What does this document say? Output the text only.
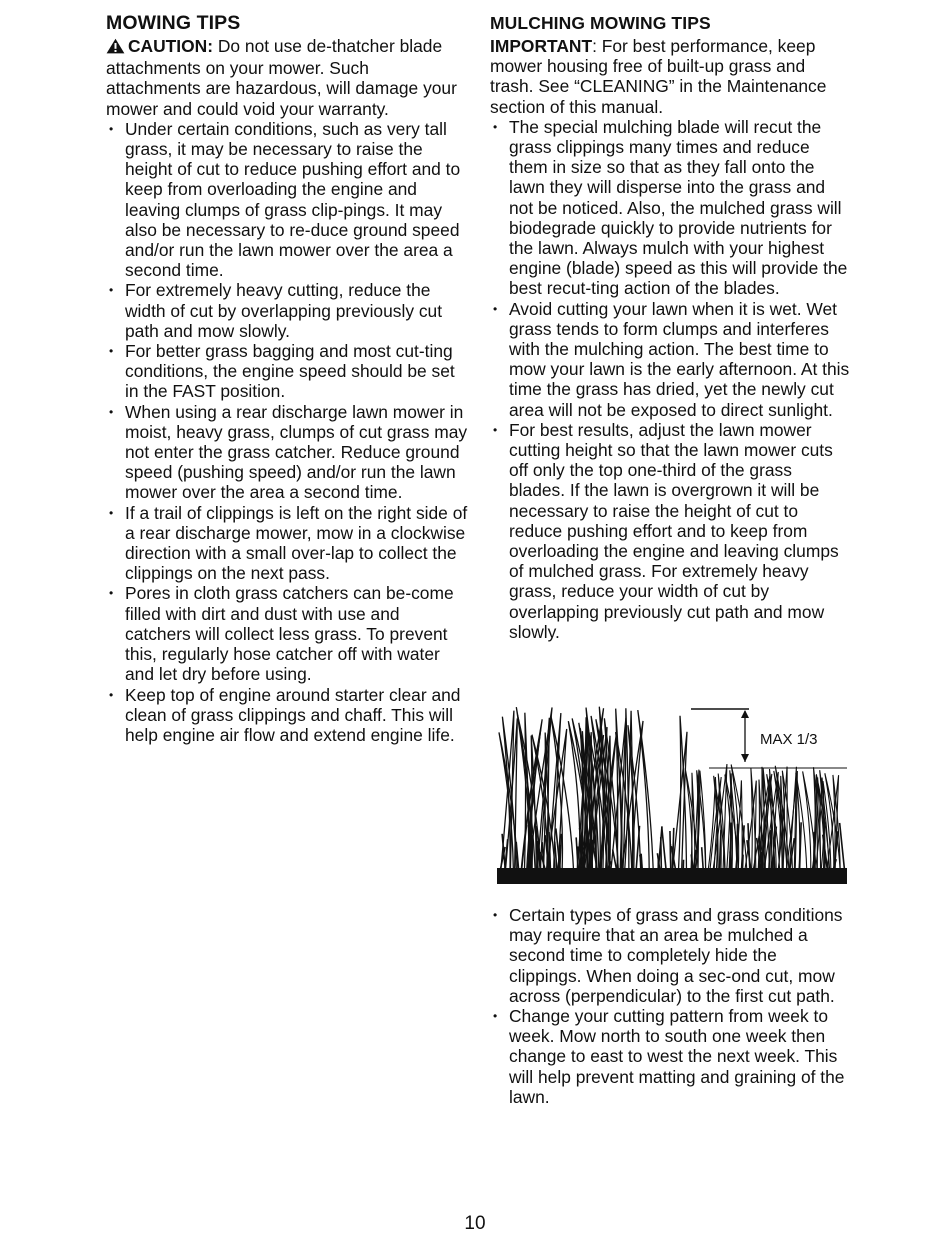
MOWING TIPS

CAUTION: Do not use de-thatcher blade attachments on your mower. Such attachments are hazardous, will damage your mower and could void your warranty.

• Under certain conditions, such as very tall grass, it may be necessary to raise the height of cut to reduce pushing effort and to keep from overloading the engine and leaving clumps of grass clip-pings. It may also be necessary to re-duce ground speed and/or run the lawn mower over the area a second time.
• For extremely heavy cutting, reduce the width of cut by overlapping previously cut path and mow slowly.
• For better grass bagging and most cut-ting conditions, the engine speed should be set in the FAST position.
• When using a rear discharge lawn mower in moist, heavy grass, clumps of cut grass may not enter the grass catcher. Reduce ground speed (pushing speed) and/or run the lawn mower over the area a second time.
• If a trail of clippings is left on the right side of a rear discharge mower, mow in a clockwise direction with a small over-lap to collect the clippings on the next pass.
• Pores in cloth grass catchers can be-come filled with dirt and dust with use and catchers will collect less grass. To prevent this, regularly hose catcher off with water and let dry before using.
• Keep top of engine around starter clear and clean of grass clippings and chaff. This will help engine air flow and extend engine life.
MULCHING MOWING TIPS

IMPORTANT: For best performance, keep mower housing free of built-up grass and trash. See “CLEANING” in the Maintenance section of this manual.

• The special mulching blade will recut the grass clippings many times and reduce them in size so that as they fall onto the lawn they will disperse into the grass and not be noticed. Also, the mulched grass will biodegrade quickly to provide nutrients for the lawn. Always mulch with your highest engine (blade) speed as this will provide the best recut-ting action of the blades.
• Avoid cutting your lawn when it is wet. Wet grass tends to form clumps and interferes with the mulching action. The best time to mow your lawn is the early afternoon. At this time the grass has dried, yet the newly cut area will not be exposed to direct sunlight.
• For best results, adjust the lawn mower cutting height so that the lawn mower cuts off only the top one-third of the grass blades. If the lawn is overgrown it will be necessary to raise the height of cut to reduce pushing effort and to keep from overloading the engine and leaving clumps of mulched grass. For extremely heavy grass, reduce your width of cut by overlapping previously cut path and mow slowly.
MAX 1/3
• Certain types of grass and grass conditions may require that an area be mulched a second time to completely hide the clippings. When doing a sec-ond cut, mow across (perpendicular) to the first cut path.
• Change your cutting pattern from week to week. Mow north to south one week then change to east to west the next week. This will help prevent matting and graining of the lawn.
10
